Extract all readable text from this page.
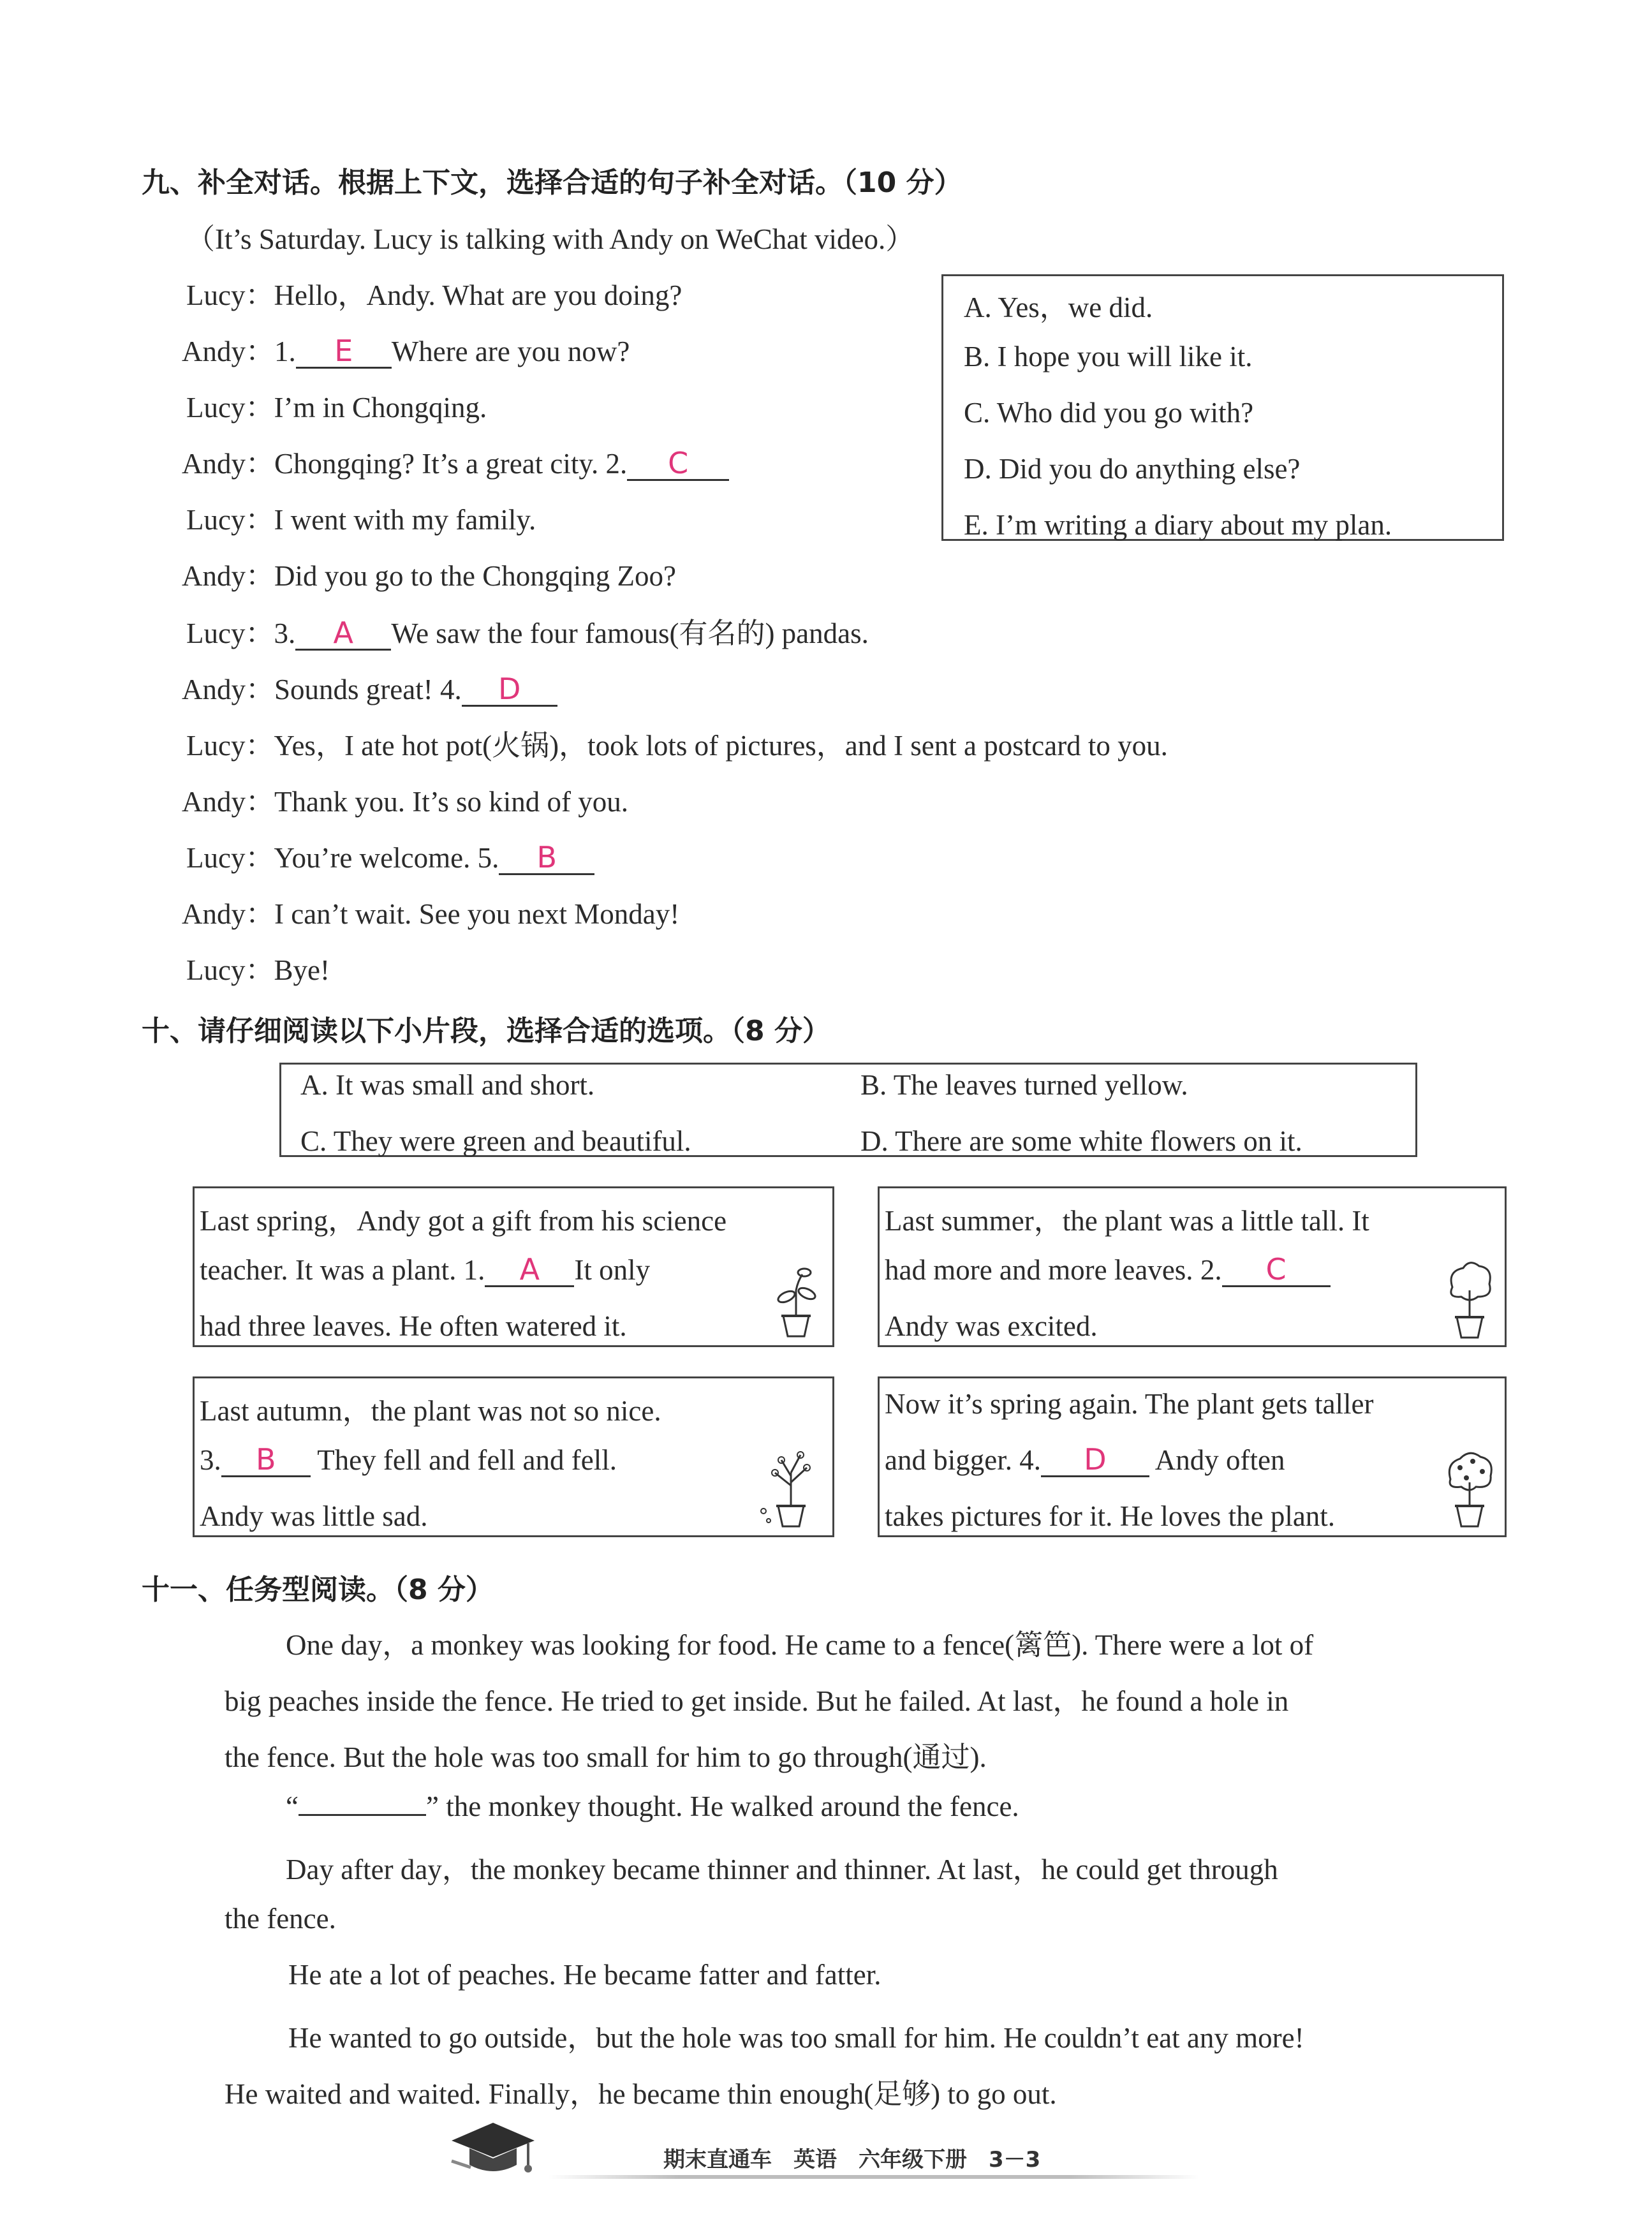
九、补全对话。根据上下文，选择合适的句子补全对话。（10 分）
（It’s Saturday. Lucy is talking with Andy on WeChat video.）
Lucy：Hello，Andy. What are you doing?
Andy：1. E Where are you now?
Lucy：I’m in Chongqing.
Andy：Chongqing? It’s a great city. 2. C
Lucy：I went with my family.
Andy：Did you go to the Chongqing Zoo?
Lucy：3. A We saw the four famous(有名的) pandas.
Andy：Sounds great! 4. D
Lucy：Yes，I ate hot pot(火锅)，took lots of pictures，and I sent a postcard to you.
Andy：Thank you. It’s so kind of you.
Lucy：You’re welcome. 5. B
Andy：I can’t wait. See you next Monday!
Lucy：Bye!
A. Yes，we did.
B. I hope you will like it.
C. Who did you go with?
D. Did you do anything else?
E. I’m writing a diary about my plan.
十、请仔细阅读以下小片段，选择合适的选项。（8 分）
A. It was small and short.	B. The leaves turned yellow.
C. They were green and beautiful.	D. There are some white flowers on it.
Last spring，Andy got a gift from his science
teacher. It was a plant. 1. A It only
had three leaves. He often watered it.
Last summer，the plant was a little tall. It
had more and more leaves. 2. C
Andy was excited.
Last autumn，the plant was not so nice.
3. B They fell and fell and fell.
Andy was little sad.
Now it’s spring again. The plant gets taller
and bigger. 4. D Andy often
takes pictures for it. He loves the plant.
十一、任务型阅读。（8 分）
One day，a monkey was looking for food. He came to a fence(篱笆). There were a lot of
big peaches inside the fence. He tried to get inside. But he failed. At last，he found a hole in
the fence. But the hole was too small for him to go through(通过).
“	” the monkey thought. He walked around the fence.
Day after day，the monkey became thinner and thinner. At last，he could get through
the fence.
He ate a lot of peaches. He became fatter and fatter.
He wanted to go outside，but the hole was too small for him. He couldn’t eat any more!
He waited and waited. Finally，he became thin enough(足够) to go out.
期末直通车　英语　六年级下册　3－3
